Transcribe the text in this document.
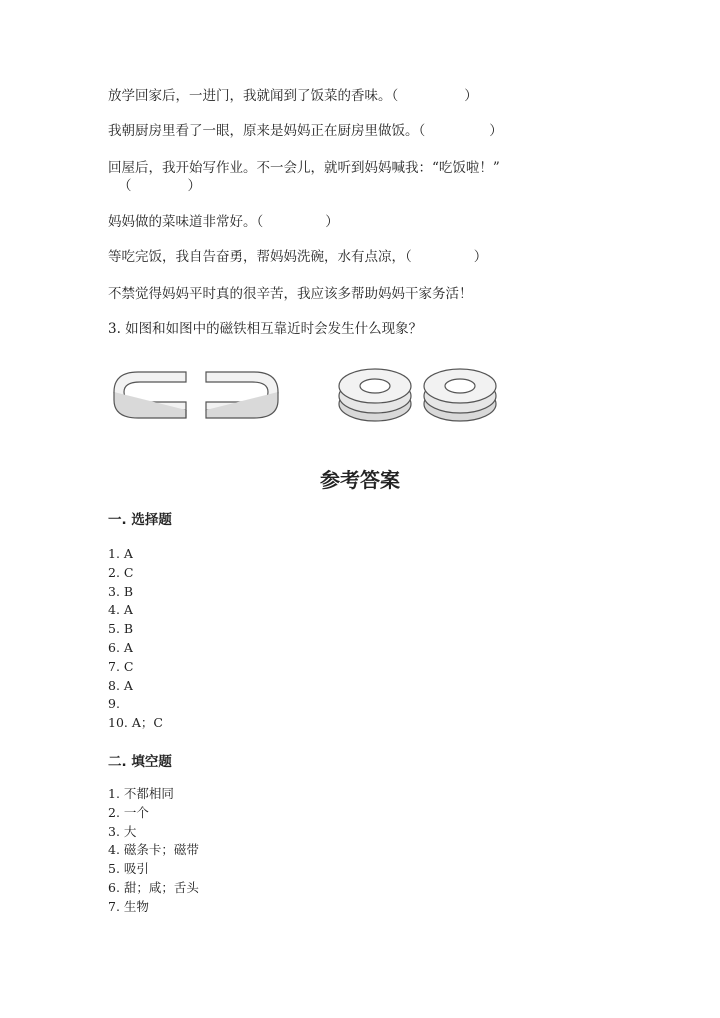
放学回家后，一进门，我就闻到了饭菜的香味。（	）
我朝厨房里看了一眼，原来是妈妈正在厨房里做饭。（	）
回屋后，我开始写作业。不一会儿，就听到妈妈喊我：“吃饭啦！”
（	）
妈妈做的菜味道非常好。（	）
等吃完饭，我自告奋勇，帮妈妈洗碗，水有点凉，（	）
不禁觉得妈妈平时真的很辛苦，我应该多帮助妈妈干家务活！
3. 如图和如图中的磁铁相互靠近时会发生什么现象？
参考答案
一. 选择题
1. A
2. C
3. B
4. A
5. B
6. A
7. C
8. A
9.
10. A；C
二. 填空题
1. 不都相同
2. 一个
3. 大
4. 磁条卡；磁带
5. 吸引
6. 甜；咸；舌头
7. 生物
